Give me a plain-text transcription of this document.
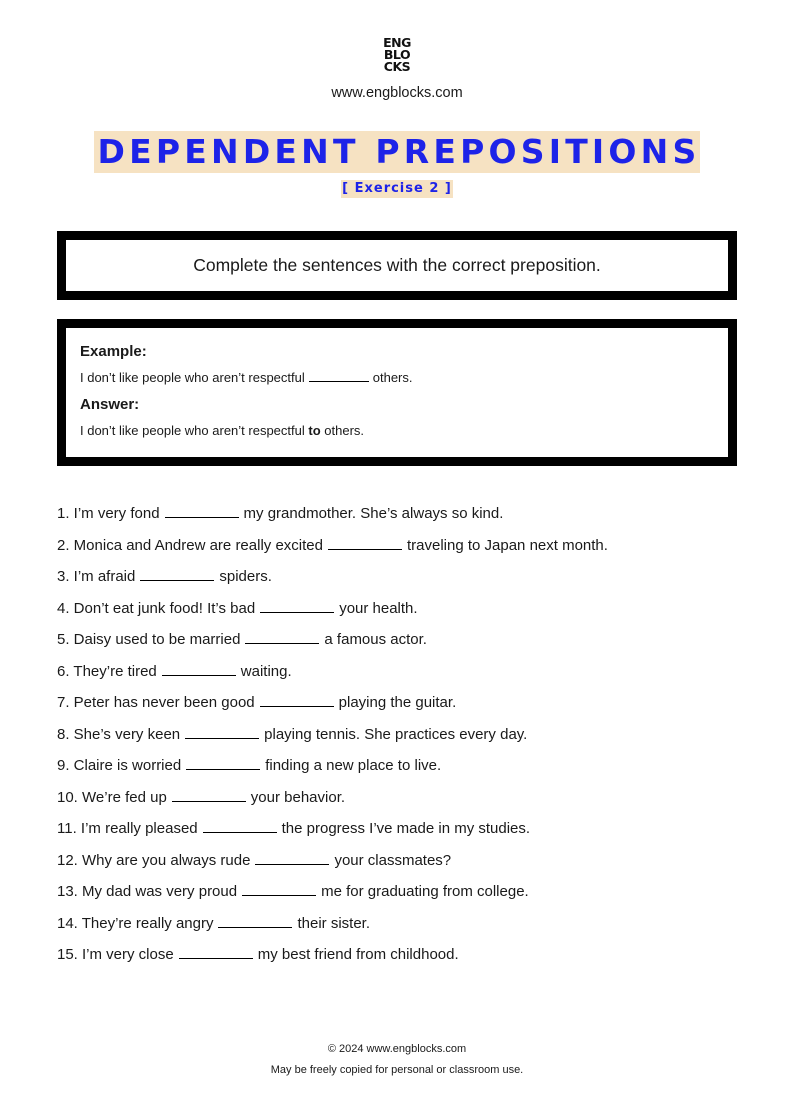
ENG
BLO
CKS
www.engblocks.com
DEPENDENT PREPOSITIONS
[ Exercise 2 ]
Complete the sentences with the correct preposition.

Example:

I don’t like people who aren’t respectful	others.

Answer:

I don’t like people who aren’t respectful to others.

1. I’m very fond	my grandmother. She’s always so kind.
2. Monica and Andrew are really excited	traveling to Japan next month.
3. I’m afraid	spiders.
4. Don’t eat junk food! It’s bad	your health.
5. Daisy used to be married	a famous actor.
6. They’re tired	waiting.
7. Peter has never been good	playing the guitar.
8. She’s very keen	playing tennis. She practices every day.
9. Claire is worried	finding a new place to live.
10. We’re fed up	your behavior.
11. I’m really pleased	the progress I’ve made in my studies.
12. Why are you always rude	your classmates?
13. My dad was very proud	me for graduating from college.
14. They’re really angry	their sister.
15. I’m very close	my best friend from childhood.
© 2024 www.engblocks.com
May be freely copied for personal or classroom use.
